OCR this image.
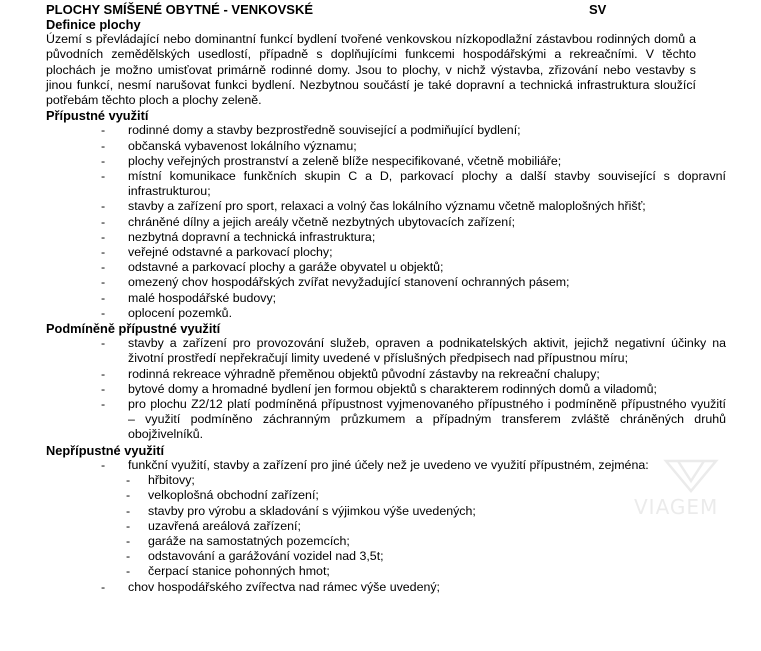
PLOCHY SMÍŠENÉ OBYTNÉ - VENKOVSKÉ	SV
Definice plochy
Území s převládající nebo dominantní funkcí bydlení tvořené venkovskou nízkopodlažní zástavbou rodinných domů a původních zemědělských usedlostí, případně s doplňujícími funkcemi hospodářskými a rekreačními. V těchto plochách je možno umisťovat primárně rodinné domy. Jsou to plochy, v nichž výstavba, zřizování nebo vestavby s jinou funkcí, nesmí narušovat funkci bydlení. Nezbytnou součástí je také dopravní a technická infrastruktura sloužící potřebám těchto ploch a plochy zeleně.
Přípustné využití
- rodinné domy a stavby bezprostředně související a podmiňující bydlení;
- občanská vybavenost lokálního významu;
- plochy veřejných prostranství a zeleně blíže nespecifikované, včetně mobiliáře;
- místní komunikace funkčních skupin C a D, parkovací plochy a další stavby související s dopravní infrastrukturou;
- stavby a zařízení pro sport, relaxaci a volný čas lokálního významu včetně maloplošných hřišť;
- chráněné dílny a jejich areály včetně nezbytných ubytovacích zařízení;
- nezbytná dopravní a technická infrastruktura;
- veřejné odstavné a parkovací plochy;
- odstavné a parkovací plochy a garáže obyvatel u objektů;
- omezený chov hospodářských zvířat nevyžadující stanovení ochranných pásem;
- malé hospodářské budovy;
- oplocení pozemků.
Podmíněně přípustné využití
- stavby a zařízení pro provozování služeb, opraven a podnikatelských aktivit, jejichž negativní účinky na životní prostředí nepřekračují limity uvedené v příslušných předpisech nad přípustnou míru;
- rodinná rekreace výhradně přeměnou objektů původní zástavby na rekreační chalupy;
- bytové domy a hromadné bydlení jen formou objektů s charakterem rodinných domů a viladomů;
- pro plochu Z2/12 platí podmíněná přípustnost vyjmenovaného přípustného i podmíněně přípustného využití – využití podmíněno záchranným průzkumem a případným transferem zvláště chráněných druhů obojživelníků.
Nepřípustné využití
- funkční využití, stavby a zařízení pro jiné účely než je uvedeno ve využití přípustném, zejména:
- hřbitovy;
- velkoplošná obchodní zařízení;
- stavby pro výrobu a skladování s výjimkou výše uvedených;
- uzavřená areálová zařízení;
- garáže na samostatných pozemcích;
- odstavování a garážování vozidel nad 3,5t;
- čerpací stanice pohonných hmot;
- chov hospodářského zvířectva nad rámec výše uvedený;
VIAGEM
